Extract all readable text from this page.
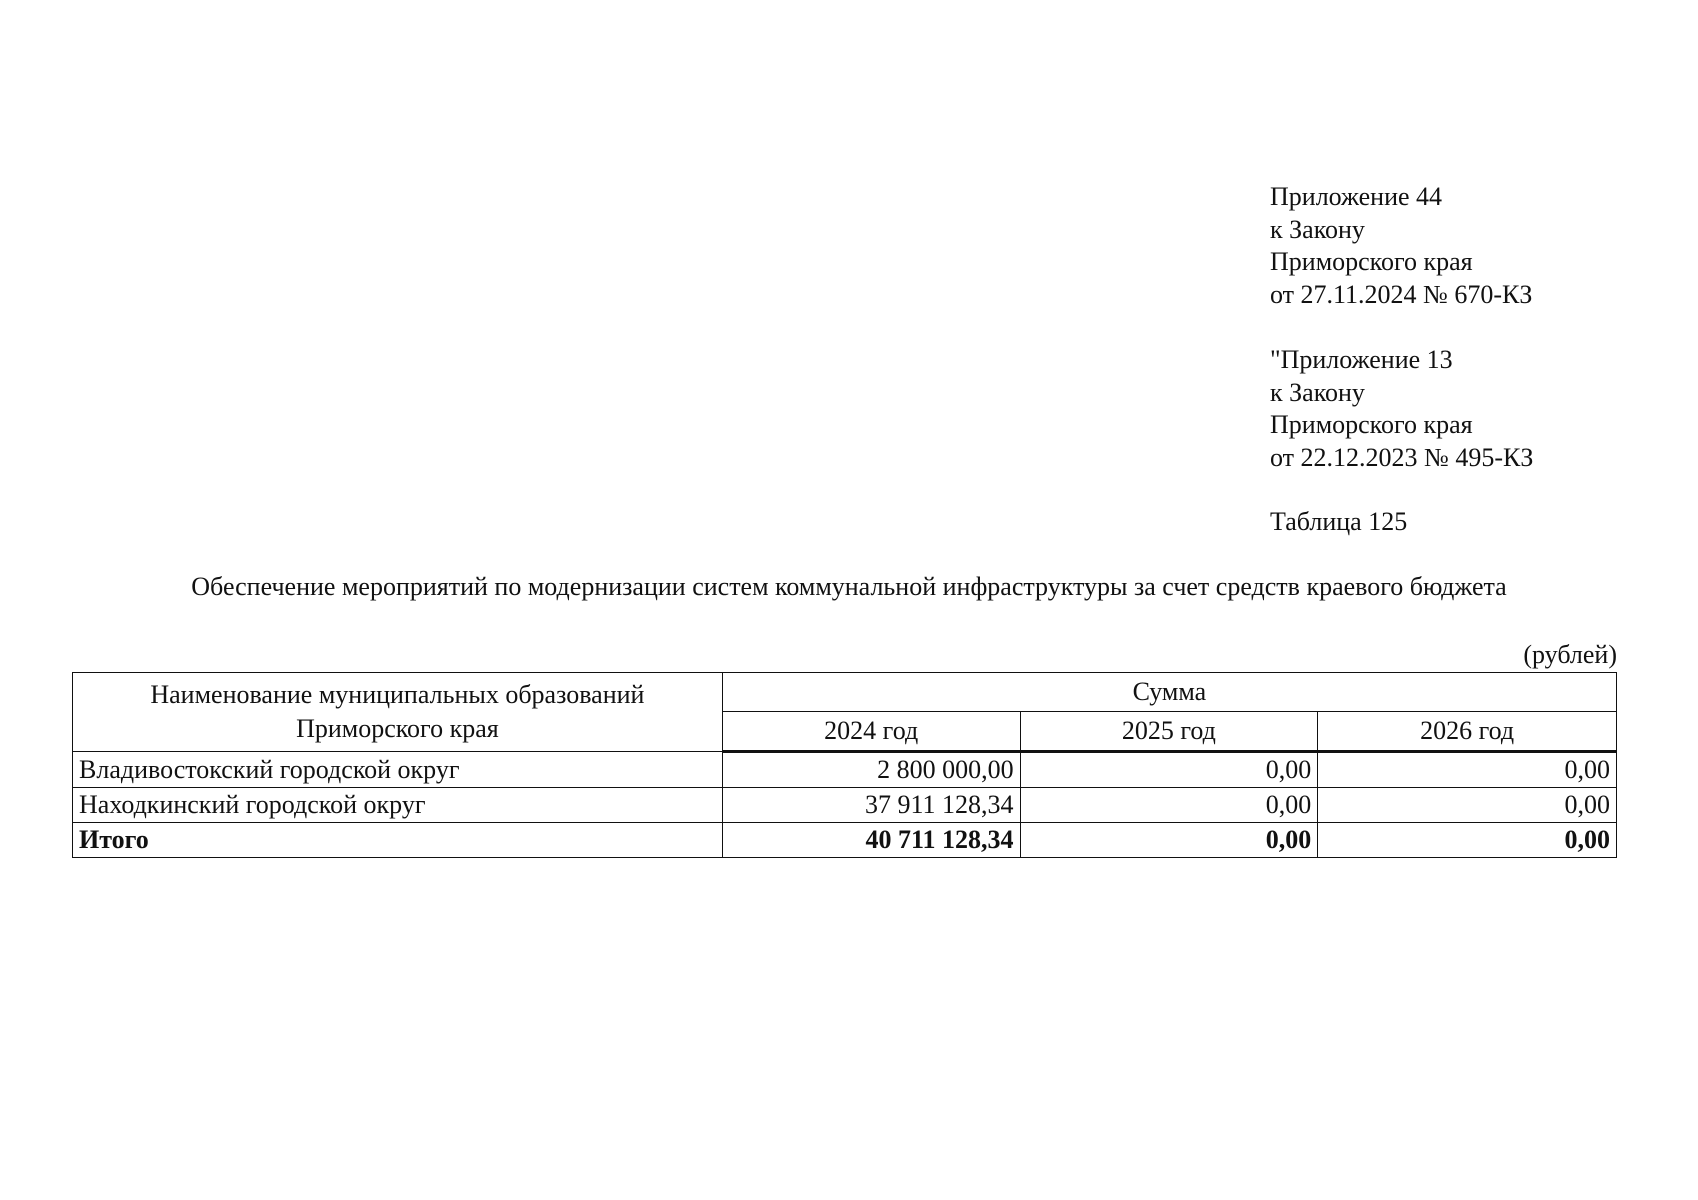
Приложение 44
к Закону
Приморского края
от 27.11.2024 № 670-КЗ
"Приложение 13
к Закону
Приморского края
от 22.12.2023 № 495-КЗ
Таблица 125
Обеспечение мероприятий по модернизации систем коммунальной инфраструктуры за счет средств краевого бюджета
(рублей)
Наименование муниципальных образований
Приморского края	Сумма		
	2024 год	2025 год	2026 год
Владивостокский городской округ	2 800 000,00	0,00	0,00
Находкинский городской округ	37 911 128,34	0,00	0,00
Итого	40 711 128,34	0,00	0,00
